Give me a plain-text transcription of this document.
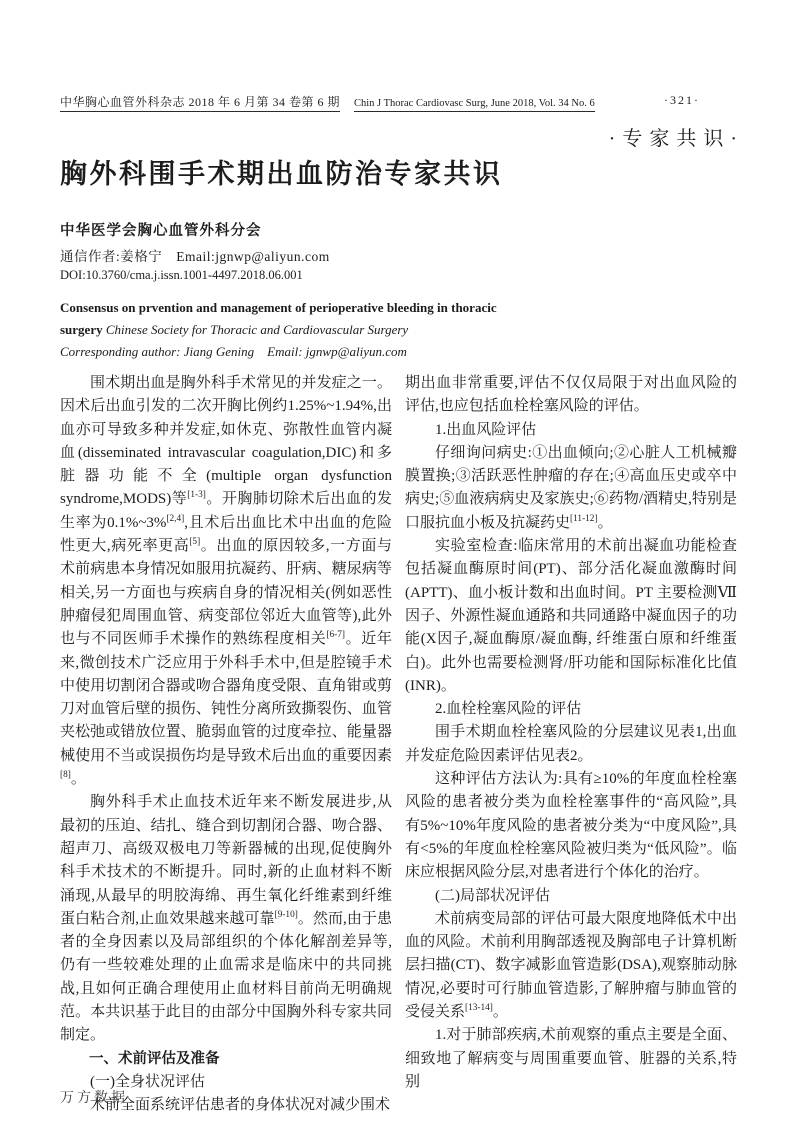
中华胸心血管外科杂志 2018 年 6 月第 34 卷第 6 期 Chin J Thorac Cardiovasc Surg, June 2018, Vol. 34 No. 6	·321·
·专家共识·
胸外科围手术期出血防治专家共识
中华医学会胸心血管外科分会
通信作者:姜格宁　Email:jgnwp@aliyun.com
DOI:10.3760/cma.j.issn.1001-4497.2018.06.001

Consensus on prvention and management of perioperative bleeding in thoracic surgery Chinese Society for Thoracic and Cardiovascular Surgery

Corresponding author: Jiang Gening　Email: jgnwp@aliyun.com

围术期出血是胸外科手术常见的并发症之一。因术后出血引发的二次开胸比例约1.25%~1.94%,出血亦可导致多种并发症,如休克、弥散性血管内凝血(disseminated intravascular coagulation,DIC)和多脏器功能不全(multiple organ dysfunction syndrome,MODS)等[1-3]。开胸肺切除术后出血的发生率为0.1%~3%[2,4],且术后出血比术中出血的危险性更大,病死率更高[5]。出血的原因较多,一方面与术前病患本身情况如服用抗凝药、肝病、糖尿病等相关,另一方面也与疾病自身的情况相关(例如恶性肿瘤侵犯周围血管、病变部位邻近大血管等),此外也与不同医师手术操作的熟练程度相关[6-7]。近年来,微创技术广泛应用于外科手术中,但是腔镜手术中使用切割闭合器或吻合器角度受限、直角钳或剪刀对血管后壁的损伤、钝性分离所致撕裂伤、血管夹松弛或错放位置、脆弱血管的过度牵拉、能量器械使用不当或误损伤均是导致术后出血的重要因素[8]。

胸外科手术止血技术近年来不断发展进步,从最初的压迫、结扎、缝合到切割闭合器、吻合器、超声刀、高级双极电刀等新器械的出现,促使胸外科手术技术的不断提升。同时,新的止血材料不断涌现,从最早的明胶海绵、再生氧化纤维素到纤维蛋白粘合剂,止血效果越来越可靠[9-10]。然而,由于患者的全身因素以及局部组织的个体化解剖差异等,仍有一些较难处理的止血需求是临床中的共同挑战,且如何正确合理使用止血材料目前尚无明确规范。本共识基于此目的由部分中国胸外科专家共同制定。

一、术前评估及准备

(一)全身状况评估

术前全面系统评估患者的身体状况对减少围术

期出血非常重要,评估不仅仅局限于对出血风险的评估,也应包括血栓栓塞风险的评估。

1.出血风险评估

仔细询问病史:①出血倾向;②心脏人工机械瓣膜置换;③活跃恶性肿瘤的存在;④高血压史或卒中病史;⑤血液病病史及家族史;⑥药物/酒精史,特别是口服抗血小板及抗凝药史[11-12]。

实验室检查:临床常用的术前出凝血功能检查包括凝血酶原时间(PT)、部分活化凝血激酶时间(APTT)、血小板计数和出血时间。PT 主要检测Ⅶ因子、外源性凝血通路和共同通路中凝血因子的功能(X因子,凝血酶原/凝血酶, 纤维蛋白原和纤维蛋白)。此外也需要检测肾/肝功能和国际标准化比值(INR)。

2.血栓栓塞风险的评估

围手术期血栓栓塞风险的分层建议见表1,出血并发症危险因素评估见表2。

这种评估方法认为:具有≥10%的年度血栓栓塞风险的患者被分类为血栓栓塞事件的“高风险”,具有5%~10%年度风险的患者被分类为“中度风险”,具有<5%的年度血栓栓塞风险被归类为“低风险”。临床应根据风险分层,对患者进行个体化的治疗。

(二)局部状况评估

术前病变局部的评估可最大限度地降低术中出血的风险。术前利用胸部透视及胸部电子计算机断层扫描(CT)、数字减影血管造影(DSA),观察肺动脉情况,必要时可行肺血管造影,了解肿瘤与肺血管的受侵关系[13-14]。

1.对于肺部疾病,术前观察的重点主要是全面、细致地了解病变与周围重要血管、脏器的关系,特别

万方数据
